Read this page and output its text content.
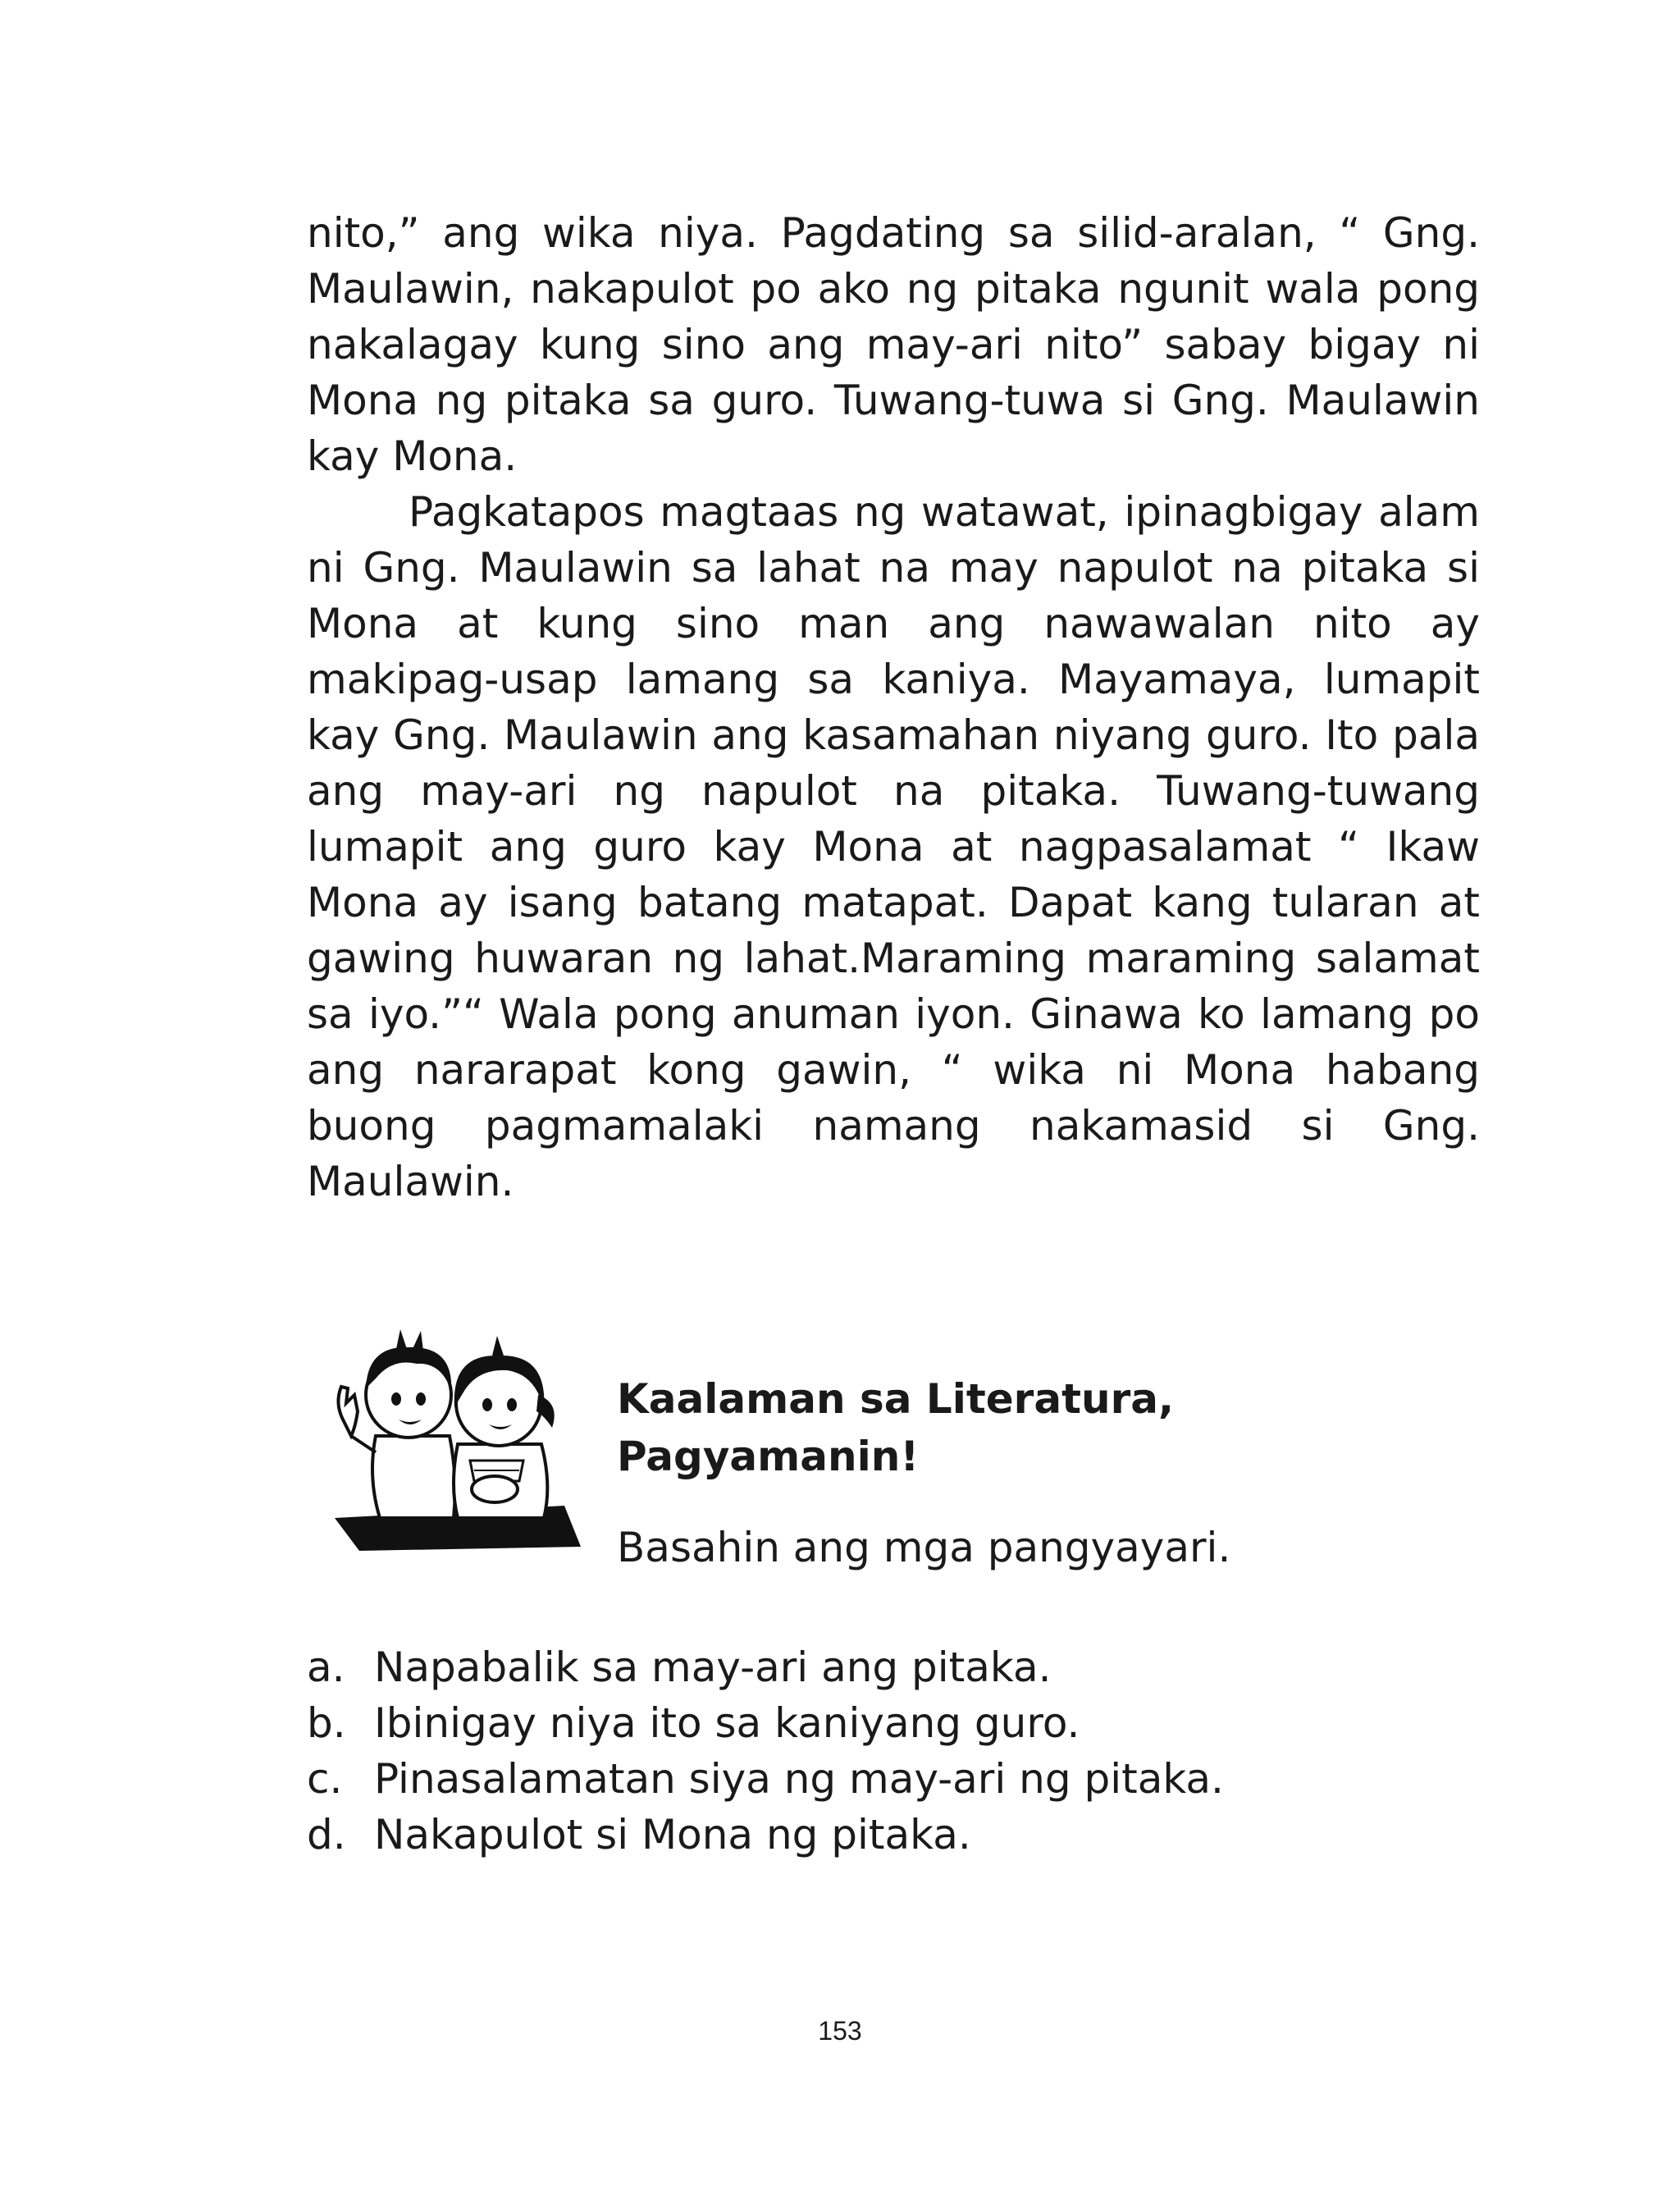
nito,” ang wika niya. Pagdating sa silid-aralan, “ Gng. Maulawin, nakapulot po ako ng pitaka ngunit wala pong nakalagay kung sino ang may-ari nito” sabay bigay ni Mona ng pitaka sa guro. Tuwang-tuwa si Gng. Maulawin kay Mona.

Pagkatapos magtaas ng watawat, ipinagbigay alam ni Gng. Maulawin sa lahat na may napulot na pitaka si Mona at kung sino man ang nawawalan nito ay makipag-usap lamang sa kaniya. Mayamaya, lumapit kay Gng. Maulawin ang kasamahan niyang guro. Ito pala ang may-ari ng napulot na pitaka. Tuwang-tuwang lumapit ang guro kay Mona at nagpasalamat “ Ikaw Mona ay isang batang matapat. Dapat kang tularan at gawing huwaran ng lahat.Maraming maraming salamat sa iyo.”“ Wala pong anuman iyon. Ginawa ko lamang po ang nararapat kong gawin, “ wika ni Mona habang buong pagmamalaki namang nakamasid si Gng. Maulawin.

Kaalaman sa Literatura,
Pagyamanin!

Basahin ang mga pangyayari.

a. Napabalik sa may-ari ang pitaka.
b. Ibinigay niya ito sa kaniyang guro.
c. Pinasalamatan siya ng may-ari ng pitaka.
d. Nakapulot si Mona ng pitaka.
153
